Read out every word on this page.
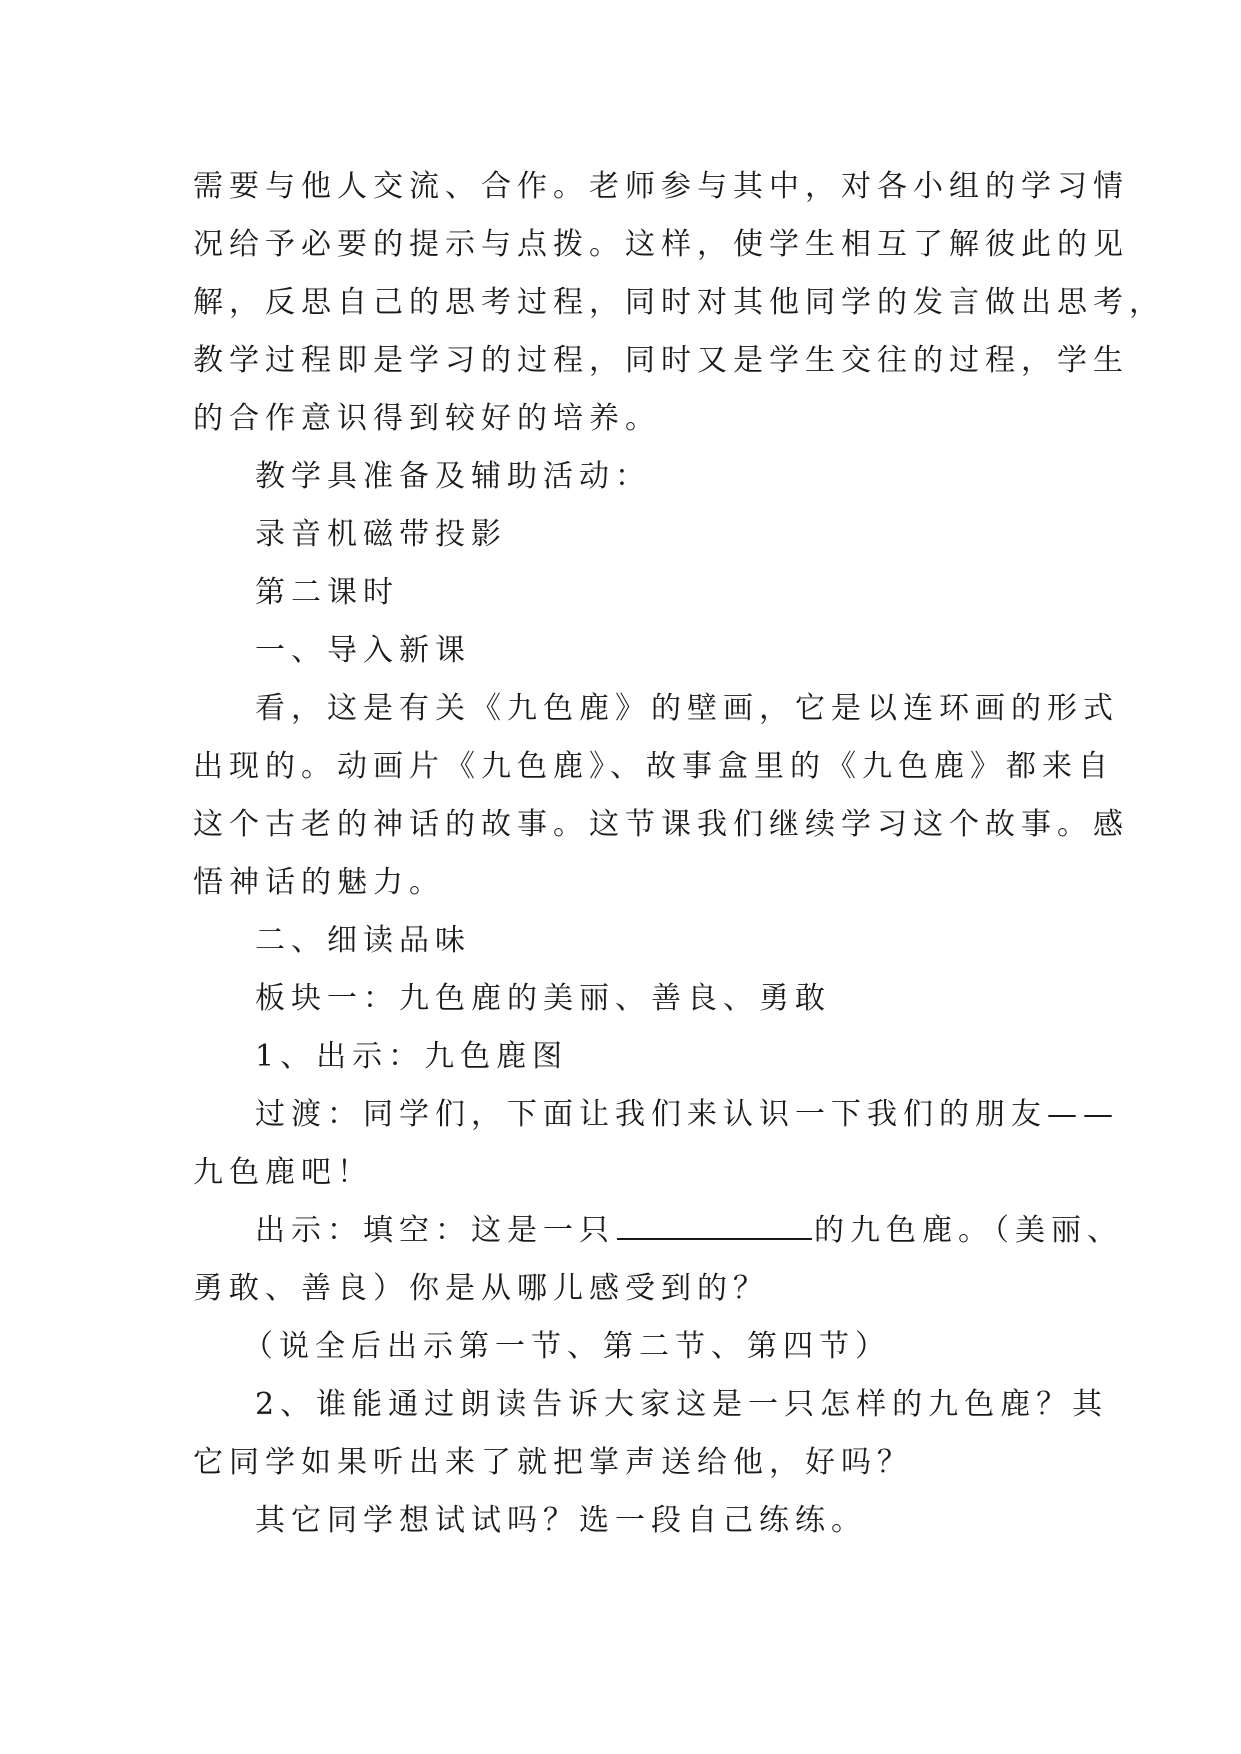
需要与他人交流、合作。老师参与其中，对各小组的学习情
况给予必要的提示与点拨。这样，使学生相互了解彼此的见
解，反思自己的思考过程，同时对其他同学的发言做出思考，
教学过程即是学习的过程，同时又是学生交往的过程，学生
的合作意识得到较好的培养。
教学具准备及辅助活动：
录音机磁带投影
第二课时
一、导入新课
看，这是有关《九色鹿》的壁画，它是以连环画的形式
出现的。动画片《九色鹿》、故事盒里的《九色鹿》都来自
这个古老的神话的故事。这节课我们继续学习这个故事。感
悟神话的魅力。
二、细读品味
板块一：九色鹿的美丽、善良、勇敢
1、出示：九色鹿图
过渡：同学们，下面让我们来认识一下我们的朋友——
九色鹿吧！
出示：填空：这是一只	的九色鹿。（美丽、
勇敢、善良）你是从哪儿感受到的？
（说全后出示第一节、第二节、第四节）
2、谁能通过朗读告诉大家这是一只怎样的九色鹿？其
它同学如果听出来了就把掌声送给他，好吗？
其它同学想试试吗？选一段自己练练。
